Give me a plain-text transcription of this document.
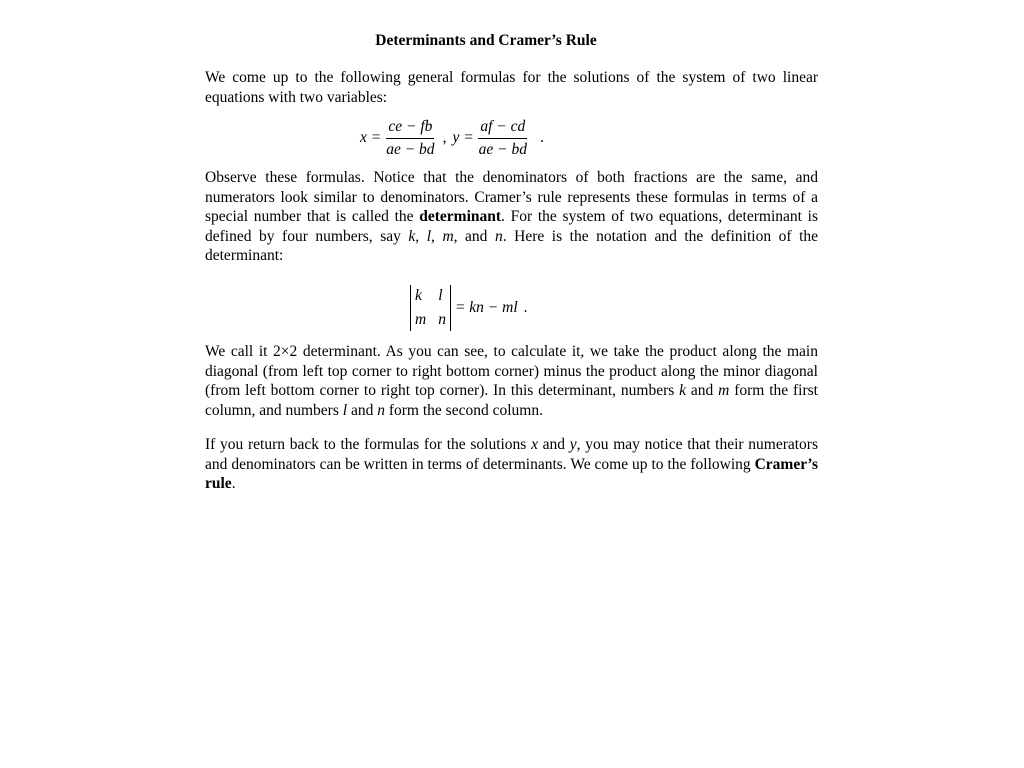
Determinants and Cramer’s Rule

We come up to the following general formulas for the solutions of the system of two linear equations with two variables:

$x = \frac{ce - fb}{ae - bd}$ , $y = \frac{af - cd}{ae - bd}$ .

Observe these formulas. Notice that the denominators of both fractions are the same, and numerators look similar to denominators. Cramer’s rule represents these formulas in terms of a special number that is called the determinant. For the system of two equations, determinant is defined by four numbers, say k, l, m, and n. Here is the notation and the definition of the determinant:

k l
m n
= kn − ml .

We call it 2×2 determinant. As you can see, to calculate it, we take the product along the main diagonal (from left top corner to right bottom corner) minus the product along the minor diagonal (from left bottom corner to right top corner). In this determinant, numbers k and m form the first column, and numbers l and n form the second column.

If you return back to the formulas for the solutions x and y, you may notice that their numerators and denominators can be written in terms of determinants. We come up to the following Cramer’s rule.
